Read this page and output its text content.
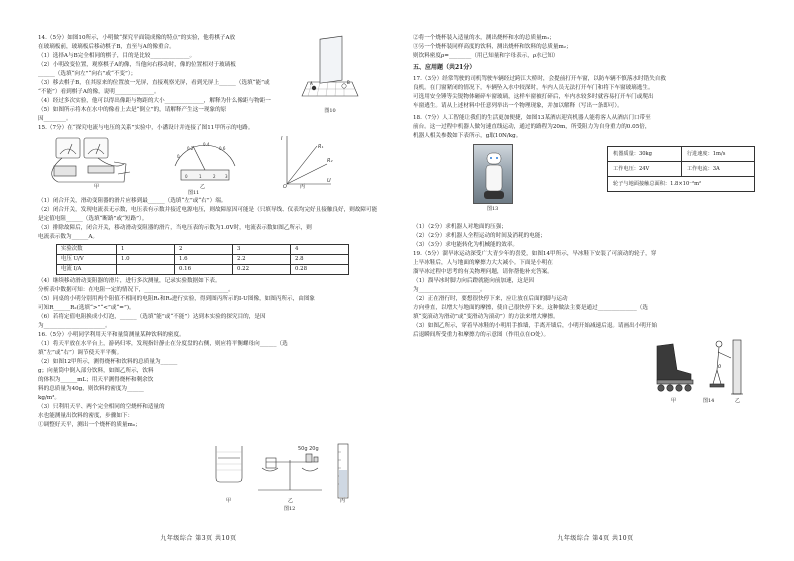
14.（5分）如图10所示，小明做“探究平面镜成像的特点”的实验，他将棋子A放
在玻璃板前，玻璃板后移动棋子B，直至与A的像重合。
（1）选择A与B完全相同的棋子，目的是比较______________。
（2）小明改变位置，观察棋子A的像，当他向右移动时，像的位置相对于玻璃板
______（选填“向左”“向右”或“不变”）；
（3）移去棋子B，在其原来的位置放一光屏，直接观察光屏，看到光屏上______（选填“能”或
“不能”）看到棋子A的像，说明______________。
（4）经过多次实验，他可以得出像距与物距的大小______________，解释为什么像距与物距一
（5）如图所示将木在水中的像看上去是“倒立”的，请解释产生这一现象的原
因________。
A	B
图10
15.（7分）在“探究电流与电压的关系”实验中，小潘设计并连接了图11甲所示的电路。
0
0.2
0.4
0.6
0	1	2 3
I
U
O
R₁
R₂
甲	乙	丙
图11
（1）闭合开关，滑动变阻器的滑片应移到最______（选填“左”或“右”）端。
（2）闭合开关，发现电流表无示数，电压表有示数并接近电源电压，则故障原因可能是（只填导线、仪表均完好且接触良好，则故障可能
是定值电阻______（选填“断路”或“短路”）。
（3）排除故障后，闭合开关，移动滑动变阻器的滑片，当电压表的示数为1.0V时，电流表示数如图乙所示，则
电流表示数为______A。
实验次数	1	2	3	4
电压 U/V	1.0	1.6	2.2	2.8
电流 I/A		0.16	0.22	0.28
（4）继续移动滑动变阻器的滑片，进行多次测量，记录实验数据如下表。
分析表中数据可知：在电阻一定的情况下，______________________________。
（5）同桌的小明分别用两个阻值不相同的电阻R₁和R₂进行实验，得到图丙所示的I-U图像，如图丙所示，由图象
可知R______R₂(选填“>”“<”或“=”)。
（6）若将定值电阻换成小灯泡，______（选填“能”或“不能”）达到本实验的探究目的，是因
为______________________。
16.（5分）小明同学利用天平和量筒测量某种饮料的密度。
（1）将天平放在水平台上，游码归零，发现指针静止在分度盘的右侧，则应将平衡螺母向______（选
填“左”或“右”）调节使天平平衡。
（2）如图12甲所示，测得烧杯和饮料的总质量为______
g；向量筒中倒入部分饮料，如图乙所示，饮料
的体积为______mL；用天平测得烧杯和剩余饮
料的总质量为40g，则饮料的密度为______
kg/m³。
（3）只利用天平、两个完全相同的空烧杯和适量的
水也能测量出饮料的密度，步骤如下：
①调整好天平，测出一个烧杯的质量m₀；
50g 20g
甲	乙	丙
图12
九年级综合 第3页 共10页
②将一个烧杯装入适量的水，测出烧杯和水的总质量m₁；
③另一个烧杯装同样高度的饮料，测出烧杯和饮料的总质量m₂；
则饮料密度ρ=________（用已知量和字母表示，ρ水已知）
五、应用题（共21分）
17.（3分）经常驾驶的司机驾驶车辆经过跨江大桥时，会提前打开车窗，以防车辆不慎落水时错失自救
良机。在门窗紧闭的情况下，车辆坠入水中较深时，车内人员无法打开车门和将下车窗玻璃逃生。
可选用安全锤等尖锐物体砸碎车窗玻璃，这样车窗被打碎后，车内水较多时就容易打开车门或爬出
车窗逃生。请从上述材料中任意列举出一个物理现象，并加以解释（写出一条即可）。
18.（7分）人工智能让我们的生活更加便捷，如图13某酒店迎宾机器人能将客人从酒店门口带至
前台。这一过程中机器人做匀速直线运动，通过的路程为20m，所受阻力为自身重力的0.05倍，
机器人相关参数如下表所示，g取10N/kg。
图13
机器质量：30kg	行进速度：1m/s
工作电压：24V	工作电流：3A
轮子与地面接触总面积：1.8×10⁻²m²	
（1）（2分）求机器人对地面的压强；
（2）（2分）求机器人全程运动的时间及消耗的电能；
（3）（3分）求电能转化为机械能的效率。
19.（5分）溜旱冰运动深受广大青少年的喜爱，如图14甲所示，旱冰鞋下安装了可滚动的轮子，穿
上旱冰鞋后，人与地面的摩擦力大大减小。下面是小明在
溜旱冰过程中思考的有关物理问题，请你帮他补充答案。
（1）溜旱冰时脚力向后蹬就能向前加速，这是因
为______________________。
（2）正在滑行时，要想很快停下来，应让放在后面的脚与运动
方向垂直，以增大与地面的摩擦，使自己很快停下来。这种做法主要是通过______________（选
填“变滚动为滑动”或“变滑动为滚动”）的方法来增大摩擦。
（3）如图乙所示，穿着旱冰鞋的小明用手推墙，手离开墙后，小明开始减速后退。请画出小明开始
后退瞬间所受重力和摩擦力的示意图（作用点在O处）。
O
甲	图14	乙
九年级综合 第4页 共10页
